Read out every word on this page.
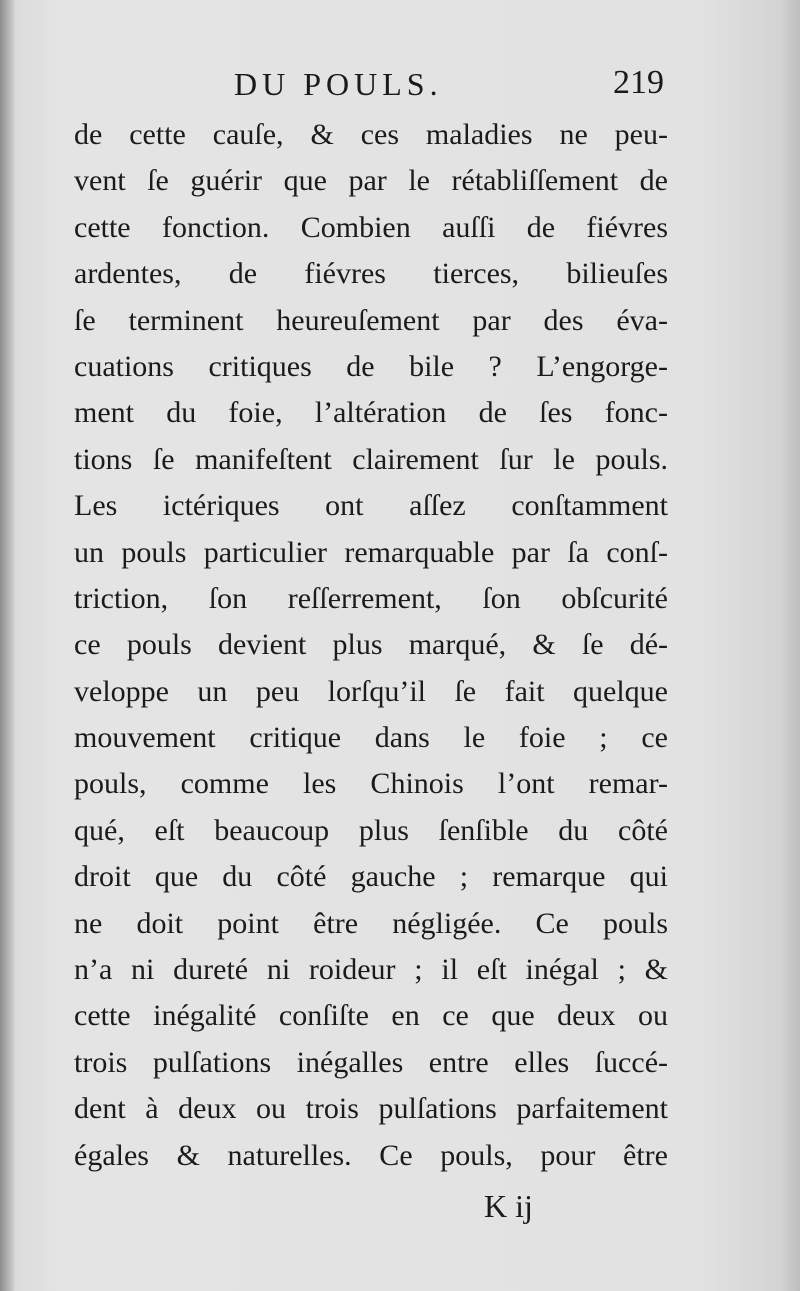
DU POULS.	219
de cette cauſe, & ces maladies ne peu-
vent ſe guérir que par le rétabliſſement de
cette fonction. Combien auſſi de fiévres
ardentes, de fiévres tierces, bilieuſes
ſe terminent heureuſement par des éva-
cuations critiques de bile ? L’engorge-
ment du foie, l’altération de ſes fonc-
tions ſe manifeſtent clairement ſur le pouls.
Les ictériques ont aſſez conſtamment
un pouls particulier remarquable par ſa conſ-
triction, ſon reſſerrement, ſon obſcurité
ce pouls devient plus marqué, & ſe dé-
veloppe un peu lorſqu’il ſe fait quelque
mouvement critique dans le foie ; ce
pouls, comme les Chinois l’ont remar-
qué, eſt beaucoup plus ſenſible du côté
droit que du côté gauche ; remarque qui
ne doit point être négligée. Ce pouls
n’a ni dureté ni roideur ; il eſt inégal ; &
cette inégalité conſiſte en ce que deux ou
trois pulſations inégalles entre elles ſuccé-
dent à deux ou trois pulſations parfaitement
égales & naturelles. Ce pouls, pour être
K ij
